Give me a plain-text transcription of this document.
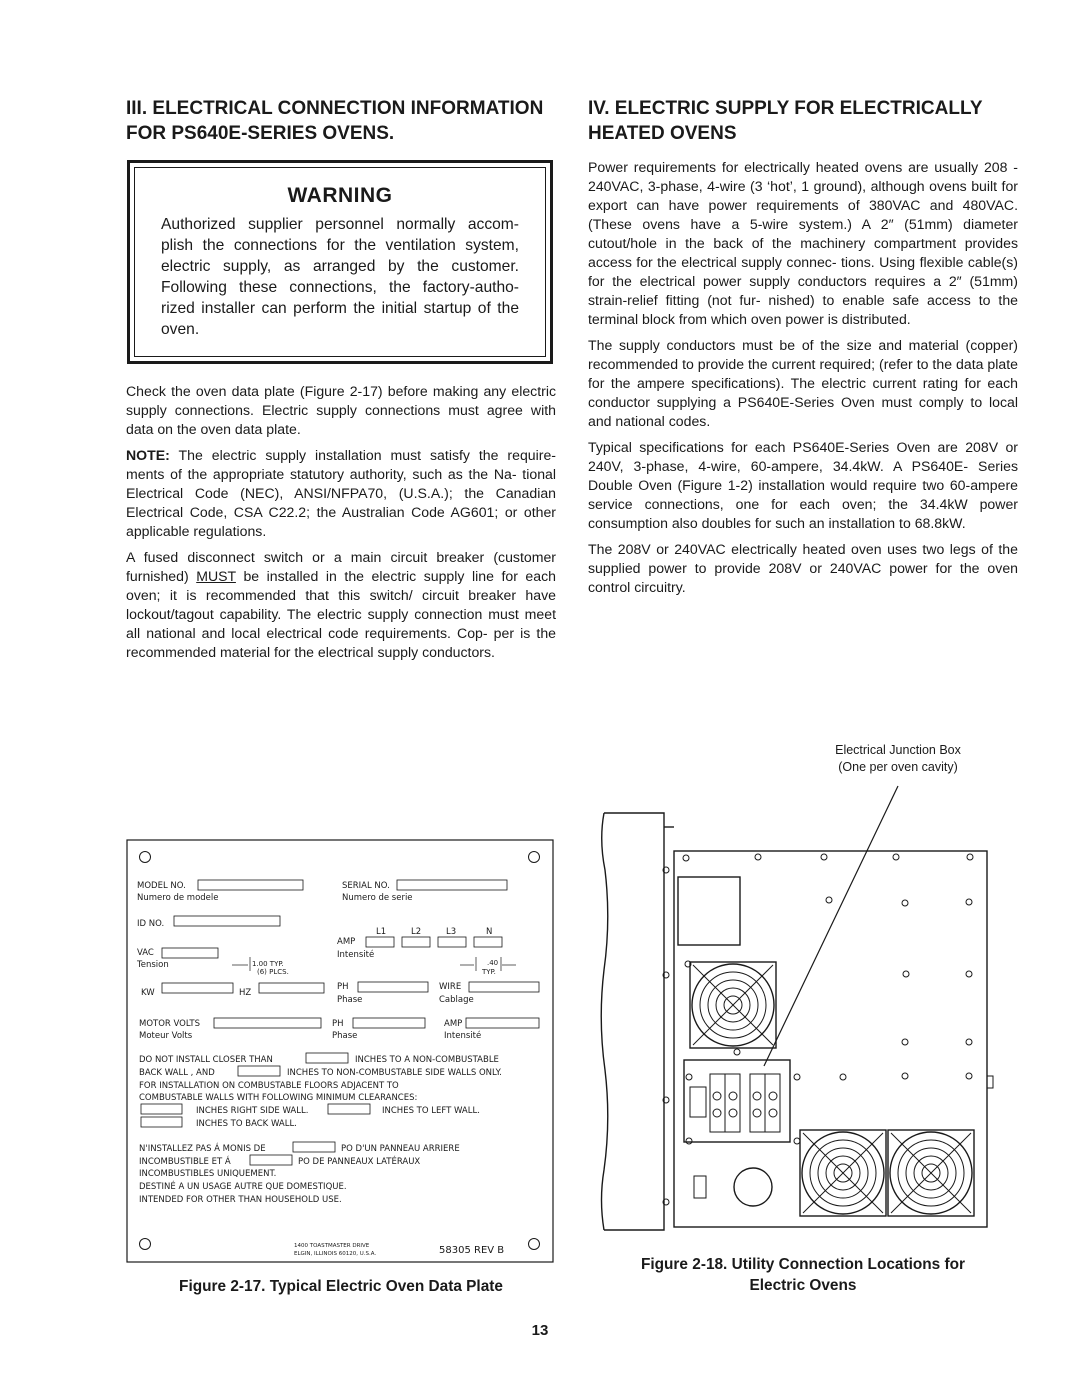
III. ELECTRICAL CONNECTION INFORMATION
FOR PS640E-SERIES OVENS.

WARNING

Authorized supplier personnel normally accom- plish the connections for the ventilation system, electric supply, as arranged by the customer. Following these connections, the factory-autho- rized installer can perform the initial startup of the oven.

Check the oven data plate (Figure 2-17) before making any electric supply connections. Electric supply connections must agree with data on the oven data plate.

NOTE: The electric supply installation must satisfy the require- ments of the appropriate statutory authority, such as the Na- tional Electrical Code (NEC), ANSI/NFPA70, (U.S.A.); the Canadian Electrical Code, CSA C22.2; the Australian Code AG601; or other applicable regulations.

A fused disconnect switch or a main circuit breaker (customer furnished) MUST be installed in the electric supply line for each oven; it is recommended that this switch/ circuit breaker have lockout/tagout capability. The electric supply connection must meet all national and local electrical code requirements. Cop- per is the recommended material for the electrical supply conductors.

IV. ELECTRIC SUPPLY FOR ELECTRICALLY
HEATED OVENS

Power requirements for electrically heated ovens are usually 208 - 240VAC, 3-phase, 4-wire (3 ‘hot’, 1 ground), although ovens built for export can have power requirements of 380VAC and 480VAC. (These ovens have a 5-wire system.) A 2″ (51mm) diameter cutout/hole in the back of the machinery compartment provides access for the electrical supply connec- tions. Using flexible cable(s) for the electrical power supply conductors requires a 2″ (51mm) strain-relief fitting (not fur- nished) to enable safe access to the terminal block from which oven power is distributed.

The supply conductors must be of the size and material (copper) recommended to provide the current required; (refer to the data plate for the ampere specifications). The electric current rating for each conductor supplying a PS640E-Series Oven must comply to local and national codes.

Typical specifications for each PS640E-Series Oven are 208V or 240V, 3-phase, 4-wire, 60-ampere, 34.4kW. A PS640E- Series Double Oven (Figure 1-2) installation would require two 60-ampere service connections, one for each oven; the 34.4kW power consumption also doubles for such an installation to 68.8kW.

The 208V or 240VAC electrically heated oven uses two legs of the supplied power to provide 208V or 240VAC power for the oven control circuitry.

Electrical Junction Box
(One per oven cavity)

MODEL NO.
Numero de modele
SERIAL NO.
Numero de serie
ID NO.
L1	L2	L3	N
AMP
Intensité
VAC
Tension	1.00 TYP.
(6) PLCS.
.40
TYP.
KW	HZ
PH
Phase
WIRE
Cablage
MOTOR VOLTS
Moteur Volts
PH
Phase
AMP
Intensité
DO NOT INSTALL CLOSER THAN	INCHES TO A NON-COMBUSTABLE
BACK WALL , AND	INCHES TO NON-COMBUSTABLE SIDE WALLS ONLY.
FOR INSTALLATION ON COMBUSTABLE FLOORS ADJACENT TO
COMBUSTABLE WALLS WITH FOLLOWING MINIMUM CLEARANCES:
INCHES RIGHT SIDE WALL.	INCHES TO LEFT WALL.
INCHES TO BACK WALL.
N'INSTALLEZ PAS Á MONIS DE	PO D'UN PANNEAU ARRIERE
INCOMBUSTIBLE ET Á	PO DE PANNEAUX LATÉRAUX
INCOMBUSTIBLES UNIQUEMENT.
DESTINÉ A UN USAGE AUTRE QUE DOMESTIQUE.
INTENDED FOR OTHER THAN HOUSEHOLD USE.
1400 TOASTMASTER DRIVE
ELGIN, ILLINOIS 60120, U.S.A.	58305 REV B

Figure 2-17. Typical Electric Oven Data Plate

Figure 2-18. Utility Connection Locations for
Electric Ovens

13
